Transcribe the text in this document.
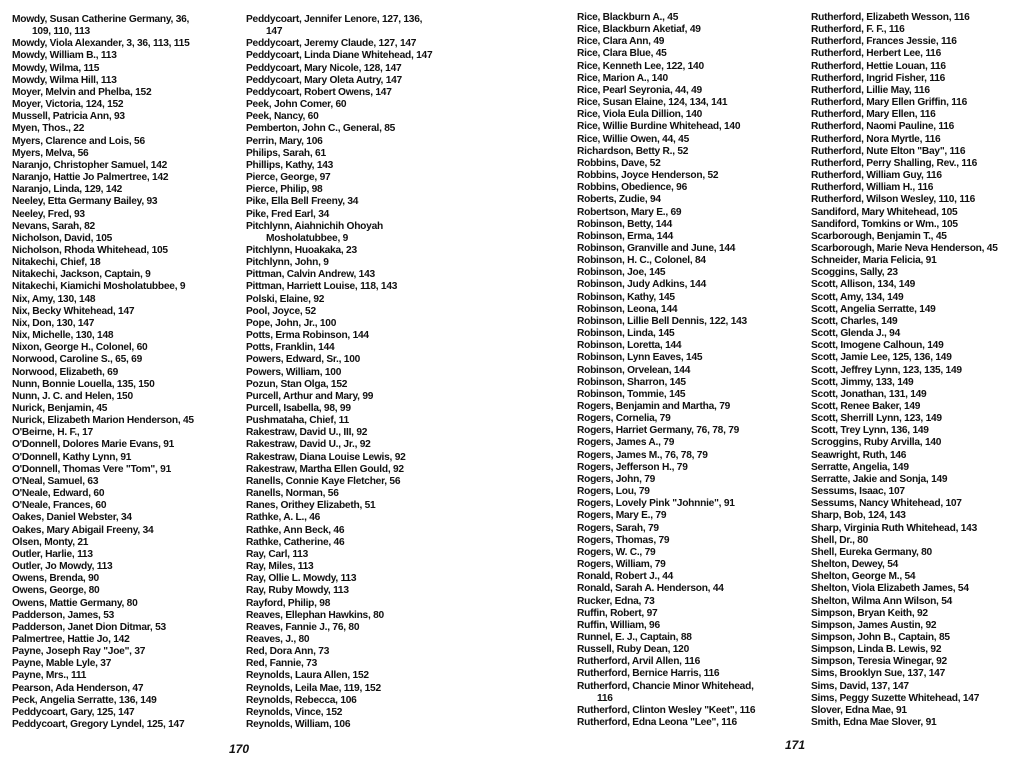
Mowdy, Susan Catherine Germany, 36,
109, 110, 113
Mowdy, Viola Alexander, 3, 36, 113, 115
Mowdy, William B., 113
Mowdy, Wilma, 115
Mowdy, Wilma Hill, 113
Moyer, Melvin and Phelba, 152
Moyer, Victoria, 124, 152
Mussell, Patricia Ann, 93
Myen, Thos., 22
Myers, Clarence and Lois, 56
Myers, Melva, 56
Naranjo, Christopher Samuel, 142
Naranjo, Hattie Jo Palmertree, 142
Naranjo, Linda, 129, 142
Neeley, Etta Germany Bailey, 93
Neeley, Fred, 93
Nevans, Sarah, 82
Nicholson, David, 105
Nicholson, Rhoda Whitehead, 105
Nitakechi, Chief, 18
Nitakechi, Jackson, Captain, 9
Nitakechi, Kiamichi Mosholatubbee, 9
Nix, Amy, 130, 148
Nix, Becky Whitehead, 147
Nix, Don, 130, 147
Nix, Michelle, 130, 148
Nixon, George H., Colonel, 60
Norwood, Caroline S., 65, 69
Norwood, Elizabeth, 69
Nunn, Bonnie Louella, 135, 150
Nunn, J. C. and Helen, 150
Nurick, Benjamin, 45
Nurick, Elizabeth Marion Henderson, 45
O'Beirne, H. F., 17
O'Donnell, Dolores Marie Evans, 91
O'Donnell, Kathy Lynn, 91
O'Donnell, Thomas Vere "Tom", 91
O'Neal, Samuel, 63
O'Neale, Edward, 60
O'Neale, Frances, 60
Oakes, Daniel Webster, 34
Oakes, Mary Abigail Freeny, 34
Olsen, Monty, 21
Outler, Harlie, 113
Outler, Jo Mowdy, 113
Owens, Brenda, 90
Owens, George, 80
Owens, Mattie Germany, 80
Padderson, James, 53
Padderson, Janet Dion Ditmar, 53
Palmertree, Hattie Jo, 142
Payne, Joseph Ray "Joe", 37
Payne, Mable Lyle, 37
Payne, Mrs., 111
Pearson, Ada Henderson, 47
Peck, Angelia Serratte, 136, 149
Peddycoart, Gary, 125, 147
Peddycoart, Gregory Lyndel, 125, 147
Peddycoart, Jennifer Lenore, 127, 136,
147
Peddycoart, Jeremy Claude, 127, 147
Peddycoart, Linda Diane Whitehead, 147
Peddycoart, Mary Nicole, 128, 147
Peddycoart, Mary Oleta Autry, 147
Peddycoart, Robert Owens, 147
Peek, John Comer, 60
Peek, Nancy, 60
Pemberton, John C., General, 85
Perrin, Mary, 106
Philips, Sarah, 61
Phillips, Kathy, 143
Pierce, George, 97
Pierce, Philip, 98
Pike, Ella Bell Freeny, 34
Pike, Fred Earl, 34
Pitchlynn, Aiahnichih Ohoyah
Mosholatubbee, 9
Pitchlynn, Huoakaka, 23
Pitchlynn, John, 9
Pittman, Calvin Andrew, 143
Pittman, Harriett Louise, 118, 143
Polski, Elaine, 92
Pool, Joyce, 52
Pope, John, Jr., 100
Potts, Erma Robinson, 144
Potts, Franklin, 144
Powers, Edward, Sr., 100
Powers, William, 100
Pozun, Stan Olga, 152
Purcell, Arthur and Mary, 99
Purcell, Isabella, 98, 99
Pushmataha, Chief, 11
Rakestraw, David U., III, 92
Rakestraw, David U., Jr., 92
Rakestraw, Diana Louise Lewis, 92
Rakestraw, Martha Ellen Gould, 92
Ranells, Connie Kaye Fletcher, 56
Ranells, Norman, 56
Ranes, Orithey Elizabeth, 51
Rathke, A. L., 46
Rathke, Ann Beck, 46
Rathke, Catherine, 46
Ray, Carl, 113
Ray, Miles, 113
Ray, Ollie L. Mowdy, 113
Ray, Ruby Mowdy, 113
Rayford, Philip, 98
Reaves, Ellephan Hawkins, 80
Reaves, Fannie J., 76, 80
Reaves, J., 80
Red, Dora Ann, 73
Red, Fannie, 73
Reynolds, Laura Allen, 152
Reynolds, Leila Mae, 119, 152
Reynolds, Rebecca, 106
Reynolds, Vince, 152
Reynolds, William, 106
170
Rice, Blackburn A., 45
Rice, Blackburn Aketiaf, 49
Rice, Clara Ann, 49
Rice, Clara Blue, 45
Rice, Kenneth Lee, 122, 140
Rice, Marion A., 140
Rice, Pearl Seyronia, 44, 49
Rice, Susan Elaine, 124, 134, 141
Rice, Viola Eula Dillion, 140
Rice, Willie Burdine Whitehead, 140
Rice, Willie Owen, 44, 45
Richardson, Betty R., 52
Robbins, Dave, 52
Robbins, Joyce Henderson, 52
Robbins, Obedience, 96
Roberts, Zudie, 94
Robertson, Mary E., 69
Robinson, Betty, 144
Robinson, Erma, 144
Robinson, Granville and June, 144
Robinson, H. C., Colonel, 84
Robinson, Joe, 145
Robinson, Judy Adkins, 144
Robinson, Kathy, 145
Robinson, Leona, 144
Robinson, Lillie Bell Dennis, 122, 143
Robinson, Linda, 145
Robinson, Loretta, 144
Robinson, Lynn Eaves, 145
Robinson, Orvelean, 144
Robinson, Sharron, 145
Robinson, Tommie, 145
Rogers, Benjamin and Martha, 79
Rogers, Cornelia, 79
Rogers, Harriet Germany, 76, 78, 79
Rogers, James A., 79
Rogers, James M., 76, 78, 79
Rogers, Jefferson H., 79
Rogers, John, 79
Rogers, Lou, 79
Rogers, Lovely Pink "Johnnie", 91
Rogers, Mary E., 79
Rogers, Sarah, 79
Rogers, Thomas, 79
Rogers, W. C., 79
Rogers, William, 79
Ronald, Robert J., 44
Ronald, Sarah A. Henderson, 44
Rucker, Edna, 73
Ruffin, Robert, 97
Ruffin, William, 96
Runnel, E. J., Captain, 88
Russell, Ruby Dean, 120
Rutherford, Arvil Allen, 116
Rutherford, Bernice Harris, 116
Rutherford, Chancie Minor Whitehead,
116
Rutherford, Clinton Wesley "Keet", 116
Rutherford, Edna Leona "Lee", 116
Rutherford, Elizabeth Wesson, 116
Rutherford, F. F., 116
Rutherford, Frances Jessie, 116
Rutherford, Herbert Lee, 116
Rutherford, Hettie Louan, 116
Rutherford, Ingrid Fisher, 116
Rutherford, Lillie May, 116
Rutherford, Mary Ellen Griffin, 116
Rutherford, Mary Ellen, 116
Rutherford, Naomi Pauline, 116
Rutherford, Nora Myrtle, 116
Rutherford, Nute Elton "Bay", 116
Rutherford, Perry Shalling, Rev., 116
Rutherford, William Guy, 116
Rutherford, William H., 116
Rutherford, Wilson Wesley, 110, 116
Sandiford, Mary Whitehead, 105
Sandiford, Tomkins or Wm., 105
Scarborough, Benjamin T., 45
Scarborough, Marie Neva Henderson, 45
Schneider, Maria Felicia, 91
Scoggins, Sally, 23
Scott, Allison, 134, 149
Scott, Amy, 134, 149
Scott, Angelia Serratte, 149
Scott, Charles, 149
Scott, Glenda J., 94
Scott, Imogene Calhoun, 149
Scott, Jamie Lee, 125, 136, 149
Scott, Jeffrey Lynn, 123, 135, 149
Scott, Jimmy, 133, 149
Scott, Jonathan, 131, 149
Scott, Renee Baker, 149
Scott, Sherrill Lynn, 123, 149
Scott, Trey Lynn, 136, 149
Scroggins, Ruby Arvilla, 140
Seawright, Ruth, 146
Serratte, Angelia, 149
Serratte, Jakie and Sonja, 149
Sessums, Isaac, 107
Sessums, Nancy Whitehead, 107
Sharp, Bob, 124, 143
Sharp, Virginia Ruth Whitehead, 143
Shell, Dr., 80
Shell, Eureka Germany, 80
Shelton, Dewey, 54
Shelton, George M., 54
Shelton, Viola Elizabeth James, 54
Shelton, Wilma Ann Wilson, 54
Simpson, Bryan Keith, 92
Simpson, James Austin, 92
Simpson, John B., Captain, 85
Simpson, Linda B. Lewis, 92
Simpson, Teresia Winegar, 92
Sims, Brooklyn Sue, 137, 147
Sims, David, 137, 147
Sims, Peggy Suzette Whitehead, 147
Slover, Edna Mae, 91
Smith, Edna Mae Slover, 91
171
